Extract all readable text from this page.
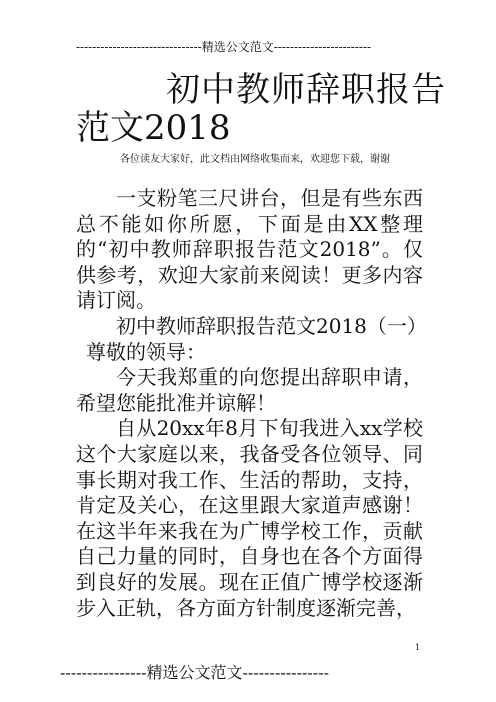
-------------------------------精选公文范文------------------------
初中教师辞职报告
范文2018
各位读友大家好，此文档由网络收集而来，欢迎您下载，谢谢

一支粉笔三尺讲台，但是有些东西总不能如你所愿，下面是由XX整理的“初中教师辞职报告范文2018”。仅供参考，欢迎大家前来阅读！更多内容请订阅。

初中教师辞职报告范文2018（一）

尊敬的领导：

今天我郑重的向您提出辞职申请，希望您能批准并谅解！

自从20xx年8月下旬我进入xx学校这个大家庭以来，我备受各位领导、同事长期对我工作、生活的帮助，支持，肯定及关心，在这里跟大家道声感谢！在这半年来我在为广博学校工作，贡献自己力量的同时，自身也在各个方面得到良好的发展。现在正值广博学校逐渐步入正轨，各方面方针制度逐渐完善，

1
----------------精选公文范文----------------
